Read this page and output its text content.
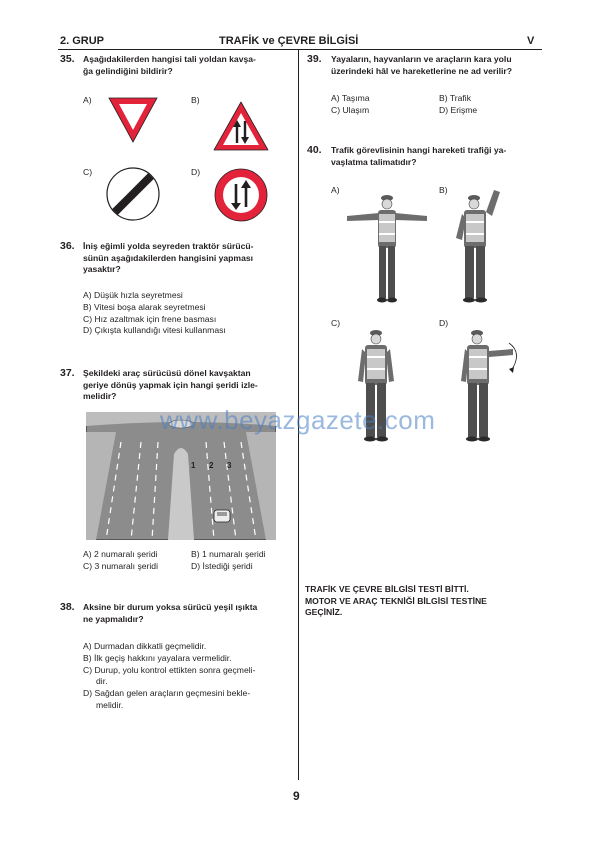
2. GRUP	TRAFİK ve ÇEVRE BİLGİSİ	V
35. Aşağıdakilerden hangisi tali yoldan kavşa-
ğa gelindiğini bildirir?
A)	B)
C)	D)
36. İniş eğimli yolda seyreden traktör sürücü-
sünün aşağıdakilerden hangisini yapması
yasaktır?
A) Düşük hızla seyretmesi
B) Vitesi boşa alarak seyretmesi
C) Hız azaltmak için frene basması
D) Çıkışta kullandığı vitesi kullanması
37. Şekildeki araç sürücüsü dönel kavşaktan
geriye dönüş yapmak için hangi şeridi izle-
melidir?
1 2 3
A) 2 numaralı şeridi	B) 1 numaralı şeridi
C) 3 numaralı şeridi	D) İstediği şeridi
38. Aksine bir durum yoksa sürücü yeşil ışıkta
ne yapmalıdır?
A) Durmadan dikkatli geçmelidir.
B) İlk geçiş hakkını yayalara vermelidir.
C) Durup, yolu kontrol ettikten sonra geçmeli-
dir.
D) Sağdan gelen araçların geçmesini bekle-
melidir.
39. Yayaların, hayvanların ve araçların kara yolu
üzerindeki hâl ve hareketlerine ne ad verilir?
A) Taşıma	B) Trafik
C) Ulaşım	D) Erişme
40. Trafik görevlisinin hangi hareketi trafiği ya-
vaşlatma talimatıdır?
A)	B)
C)	D)
www.beyazgazete.com
TRAFİK VE ÇEVRE BİLGİSİ TESTİ BİTTİ.
MOTOR VE ARAÇ TEKNİĞİ BİLGİSİ TESTİNE
GEÇİNİZ.
9
